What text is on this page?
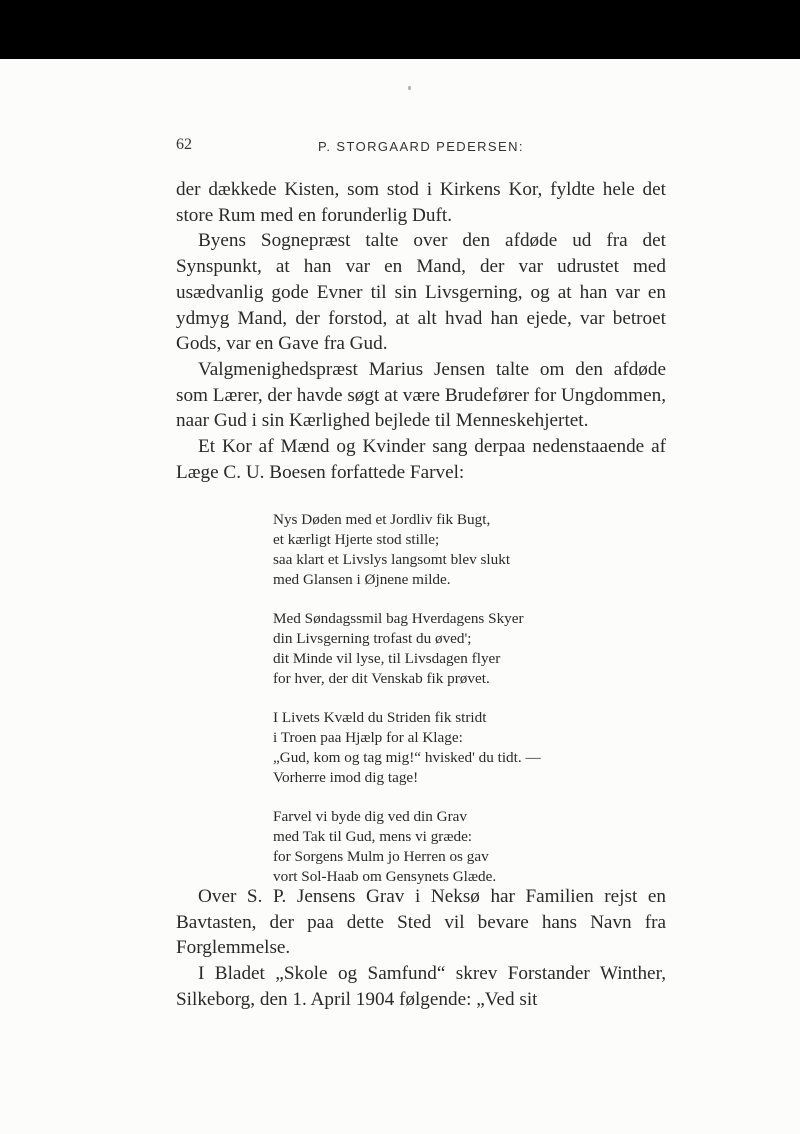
62	P. STORGAARD PEDERSEN:

der dækkede Kisten, som stod i Kirkens Kor, fyldte hele det store Rum med en forunderlig Duft.

Byens Sognepræst talte over den afdøde ud fra det Synspunkt, at han var en Mand, der var udrustet med usædvanlig gode Evner til sin Livsgerning, og at han var en ydmyg Mand, der forstod, at alt hvad han ejede, var betroet Gods, var en Gave fra Gud.

Valgmenighedspræst Marius Jensen talte om den afdøde som Lærer, der havde søgt at være Brudefører for Ungdommen, naar Gud i sin Kærlighed bejlede til Menneskehjertet.

Et Kor af Mænd og Kvinder sang derpaa nedenstaaende af Læge C. U. Boesen forfattede Farvel:

Nys Døden med et Jordliv fik Bugt,
et kærligt Hjerte stod stille;
saa klart et Livslys langsomt blev slukt
med Glansen i Øjnene milde.
Med Søndagssmil bag Hverdagens Skyer
din Livsgerning trofast du øved';
dit Minde vil lyse, til Livsdagen flyer
for hver, der dit Venskab fik prøvet.
I Livets Kvæld du Striden fik stridt
i Troen paa Hjælp for al Klage:
„Gud, kom og tag mig!“ hvisked' du tidt. —
Vorherre imod dig tage!
Farvel vi byde dig ved din Grav
med Tak til Gud, mens vi græde:
for Sorgens Mulm jo Herren os gav
vort Sol-Haab om Gensynets Glæde.

Over S. P. Jensens Grav i Neksø har Familien rejst en Bavtasten, der paa dette Sted vil bevare hans Navn fra Forglemmelse.

I Bladet „Skole og Samfund“ skrev Forstander Winther, Silkeborg, den 1. April 1904 følgende: „Ved sit
